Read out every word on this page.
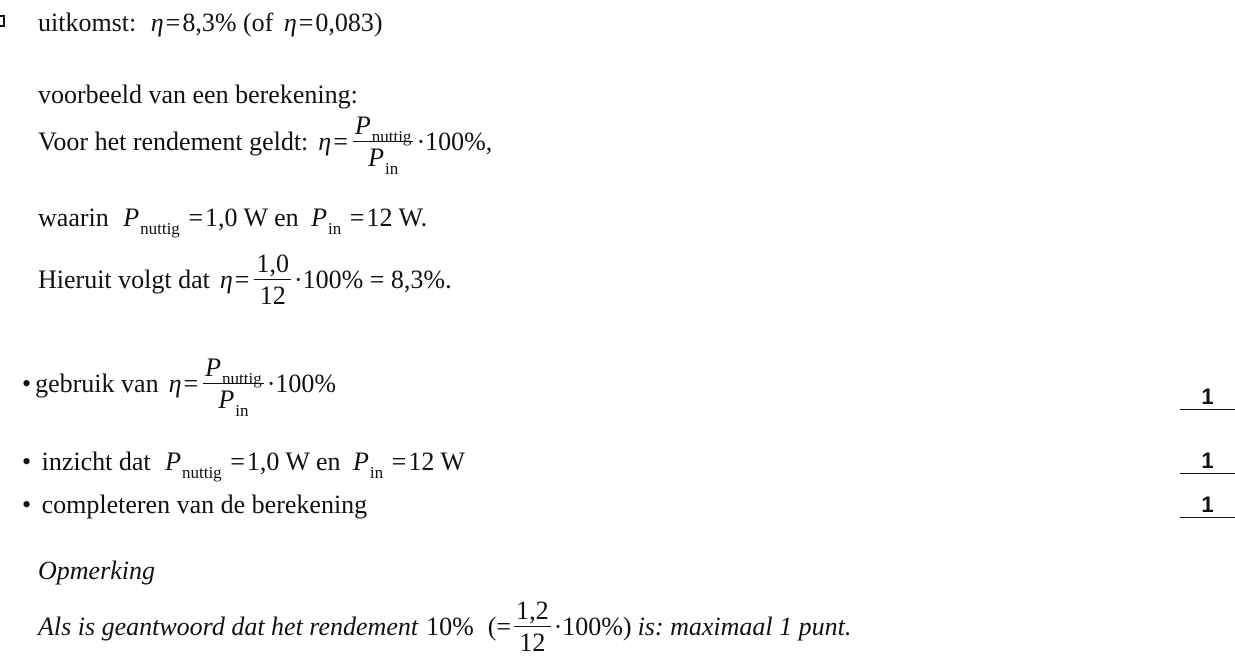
uitkomst: η=8,3% (of η=0,083)
voorbeeld van een berekening:
Voor het rendement geldt: $\eta = \frac{P_{nuttig}}{P_{in}} \cdot 100\%$,
waarin $P_{nuttig} =1,0$ W en $P_{in} =12$ W.
Hieruit volgt dat $\eta = \frac{1,0}{12} \cdot 100\% = 8,3\%$.
• gebruik van $\eta = \frac{P_{nuttig}}{P_{in}} \cdot 100\%$	1
• inzicht dat $P_{nuttig} =1,0$ W en $P_{in} =12$ W	1
• completeren van de berekening	1
Opmerking
Als is geantwoord dat het rendement 10% (= $\frac{1,2}{12} \cdot 100\%$) is: maximaal 1 punt.
